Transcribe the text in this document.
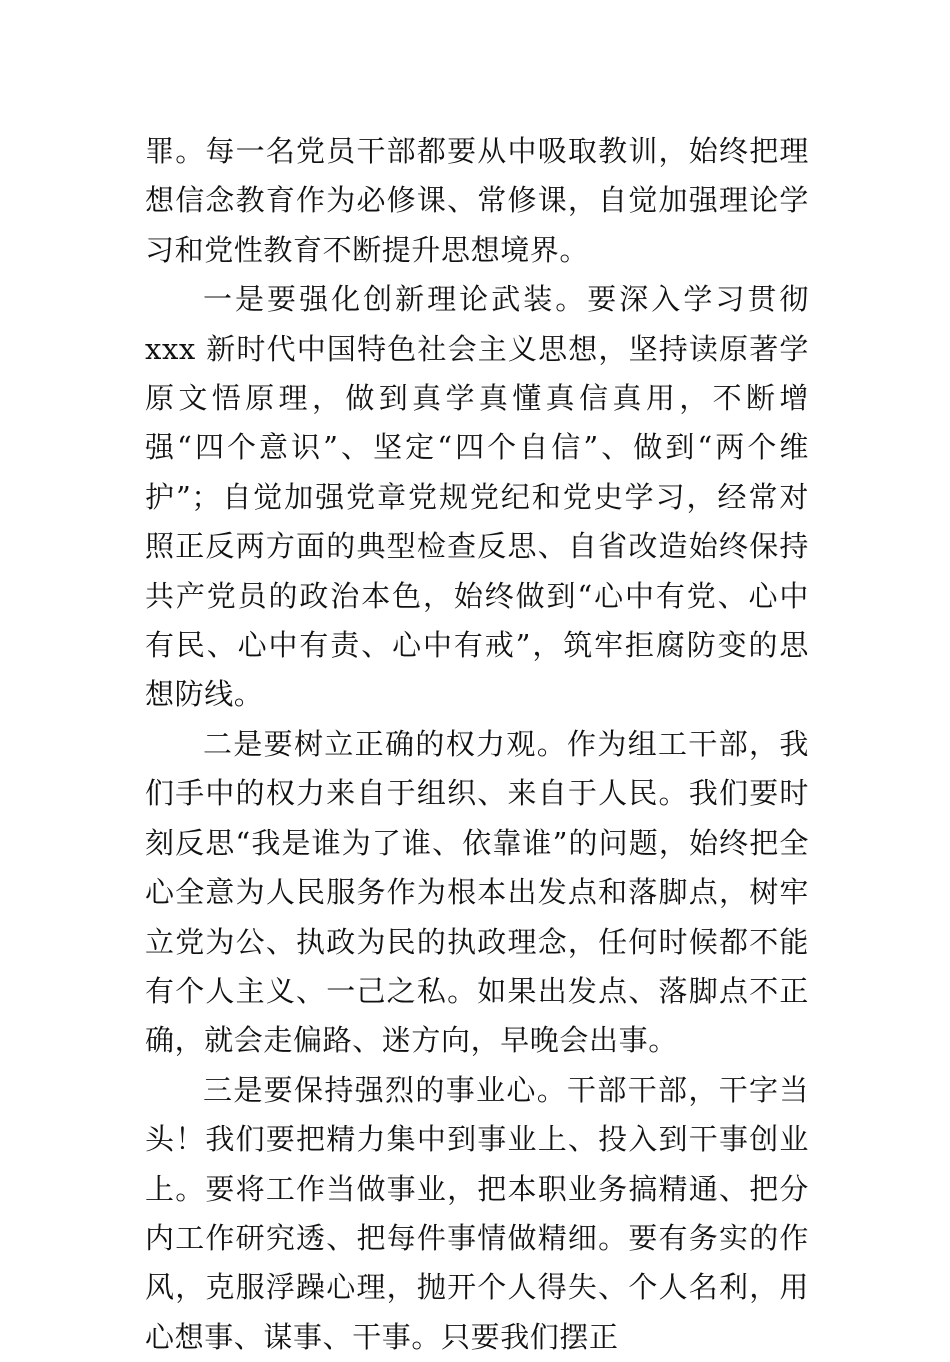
罪。每一名党员干部都要从中吸取教训，始终把理想信念教育作为必修课、常修课，自觉加强理论学习和党性教育不断提升思想境界。

一是要强化创新理论武装。要深入学习贯彻 xxx 新时代中国特色社会主义思想，坚持读原著学原文悟原理，做到真学真懂真信真用，不断增强“四个意识”、坚定“四个自信”、做到“两个维护”；自觉加强党章党规党纪和党史学习，经常对照正反两方面的典型检查反思、自省改造始终保持共产党员的政治本色，始终做到“心中有党、心中有民、心中有责、心中有戒”，筑牢拒腐防变的思想防线。

二是要树立正确的权力观。作为组工干部，我们手中的权力来自于组织、来自于人民。我们要时刻反思“我是谁为了谁、依靠谁”的问题，始终把全心全意为人民服务作为根本出发点和落脚点，树牢立党为公、执政为民的执政理念，任何时候都不能有个人主义、一己之私。如果出发点、落脚点不正确，就会走偏路、迷方向，早晚会出事。

三是要保持强烈的事业心。干部干部，干字当头！我们要把精力集中到事业上、投入到干事创业上。要将工作当做事业，把本职业务搞精通、把分内工作研究透、把每件事情做精细。要有务实的作风，克服浮躁心理，抛开个人得失、个人名利，用心想事、谋事、干事。只要我们摆正
